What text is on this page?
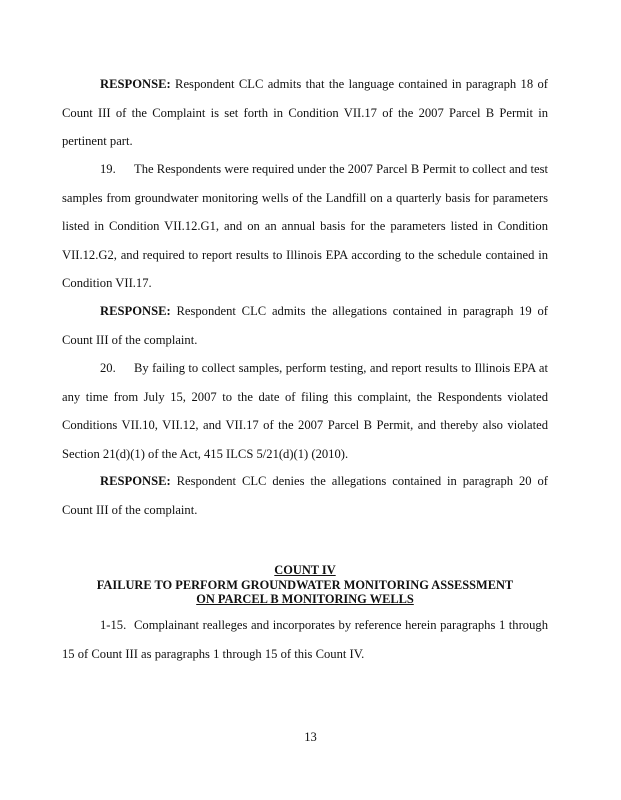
RESPONSE: Respondent CLC admits that the language contained in paragraph 18 of Count III of the Complaint is set forth in Condition VII.17 of the 2007 Parcel B Permit in pertinent part.

19. The Respondents were required under the 2007 Parcel B Permit to collect and test samples from groundwater monitoring wells of the Landfill on a quarterly basis for parameters listed in Condition VII.12.G1, and on an annual basis for the parameters listed in Condition VII.12.G2, and required to report results to Illinois EPA according to the schedule contained in Condition VII.17.

RESPONSE: Respondent CLC admits the allegations contained in paragraph 19 of Count III of the complaint.

20. By failing to collect samples, perform testing, and report results to Illinois EPA at any time from July 15, 2007 to the date of filing this complaint, the Respondents violated Conditions VII.10, VII.12, and VII.17 of the 2007 Parcel B Permit, and thereby also violated Section 21(d)(1) of the Act, 415 ILCS 5/21(d)(1) (2010).

RESPONSE: Respondent CLC denies the allegations contained in paragraph 20 of Count III of the complaint.

COUNT IV
FAILURE TO PERFORM GROUNDWATER MONITORING ASSESSMENT
ON PARCEL B MONITORING WELLS

1-15. Complainant realleges and incorporates by reference herein paragraphs 1 through 15 of Count III as paragraphs 1 through 15 of this Count IV.

13
